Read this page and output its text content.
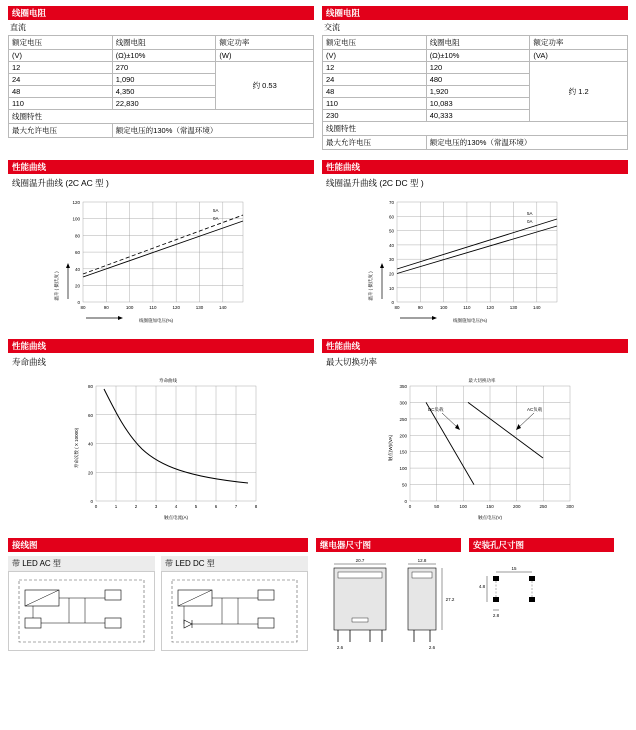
线圈电阻
直流
额定电压	线圈电阻	额定功率
(V)	(Ω)±10%	(W)
12	270	约 0.53
24	1,090	
48	4,350	
110	22,830	
线圈特性		
最大允许电压	额定电压的130%（常温环境）	
线圈电阻
交流
额定电压	线圈电阻	额定功率
(V)	(Ω)±10%	(VA)
12	120	约 1.2
24	480	
48	1,920	
110	10,083	
230	40,333	
线圈特性		
最大允许电压	额定电压的130%（常温环境）	
性能曲线
线圈温升曲线 (2C AC 型 )
120
100
80
60
40
20
0
80	90	100	110	120	130	140
5A
0A
温升 ( 摄氏度 )
线圈施加电压(%)
性能曲线
线圈温升曲线 (2C DC 型 )
70
60
50
40
30
20
10
0
80	90	100	110	120	130	140
5A
0A
温升 ( 摄氏度 )
线圈施加电压(%)
性能曲线
寿命曲线
寿命曲线
80
60
40
20
0
0	1	2	3	4	5	6	7	8
寿命次数 ( X 10000)
触点电流(A)
性能曲线
最大切换功率
最大切换功率
350
300
250
200
150
100
50
0
0	50	100	150	200	250	300
DC负载	AC负载
触点(W)/(VA)
触点电压(V)
接线图
带 LED AC 型	带 LED DC 型
继电器尺寸图
20.7
2.6
12.8
27.2
2.6
安装孔尺寸图
4.8
15
2.8
